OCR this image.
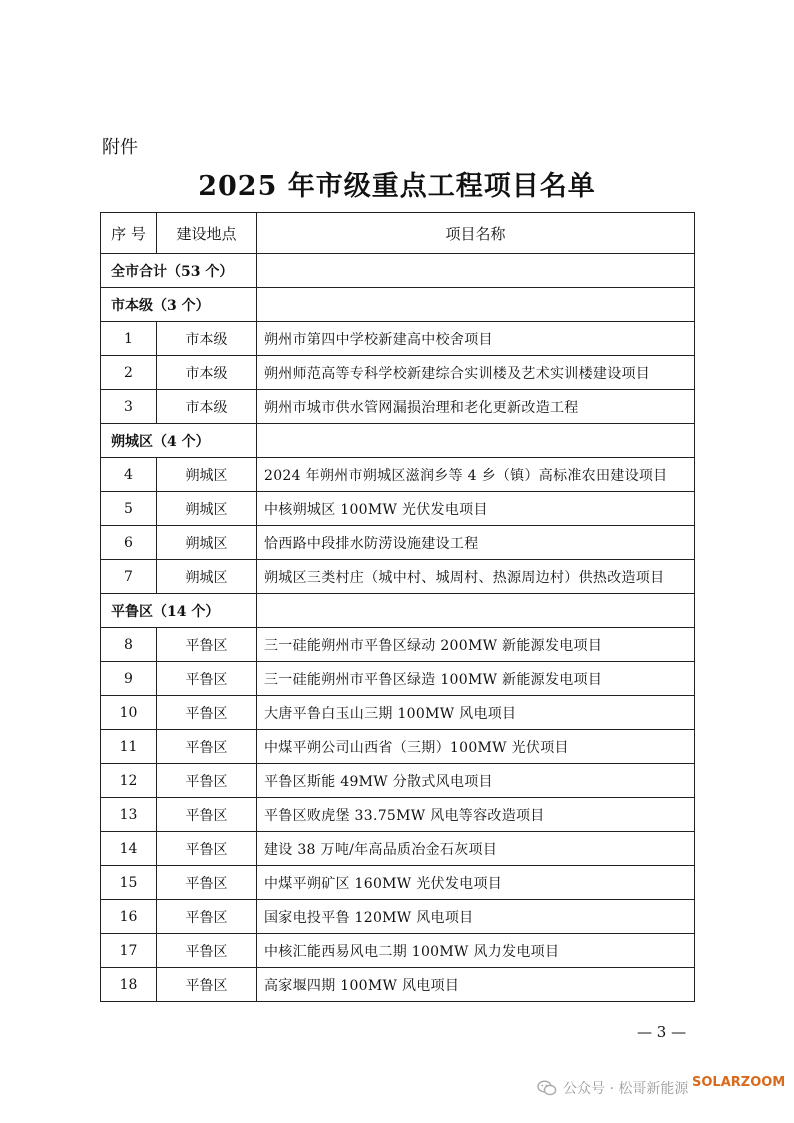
附件
2025 年市级重点工程项目名单
序 号	建设地点	项目名称
全市合计（53 个）		
市本级（3 个）		
1	市本级	朔州市第四中学校新建高中校舍项目
2	市本级	朔州师范高等专科学校新建综合实训楼及艺术实训楼建设项目
3	市本级	朔州市城市供水管网漏损治理和老化更新改造工程
朔城区（4 个）		
4	朔城区	2024 年朔州市朔城区滋润乡等 4 乡（镇）高标准农田建设项目
5	朔城区	中核朔城区 100MW 光伏发电项目
6	朔城区	恰西路中段排水防涝设施建设工程
7	朔城区	朔城区三类村庄（城中村、城周村、热源周边村）供热改造项目
平鲁区（14 个）		
8	平鲁区	三一硅能朔州市平鲁区绿动 200MW 新能源发电项目
9	平鲁区	三一硅能朔州市平鲁区绿造 100MW 新能源发电项目
10	平鲁区	大唐平鲁白玉山三期 100MW 风电项目
11	平鲁区	中煤平朔公司山西省（三期）100MW 光伏项目
12	平鲁区	平鲁区斯能 49MW 分散式风电项目
13	平鲁区	平鲁区败虎堡 33.75MW 风电等容改造项目
14	平鲁区	建设 38 万吨/年高品质冶金石灰项目
15	平鲁区	中煤平朔矿区 160MW 光伏发电项目
16	平鲁区	国家电投平鲁 120MW 风电项目
17	平鲁区	中核汇能西易风电二期 100MW 风力发电项目
18	平鲁区	高家堰四期 100MW 风电项目
— 3 —
公众号 · 松哥新能源 SOLARZOOM
